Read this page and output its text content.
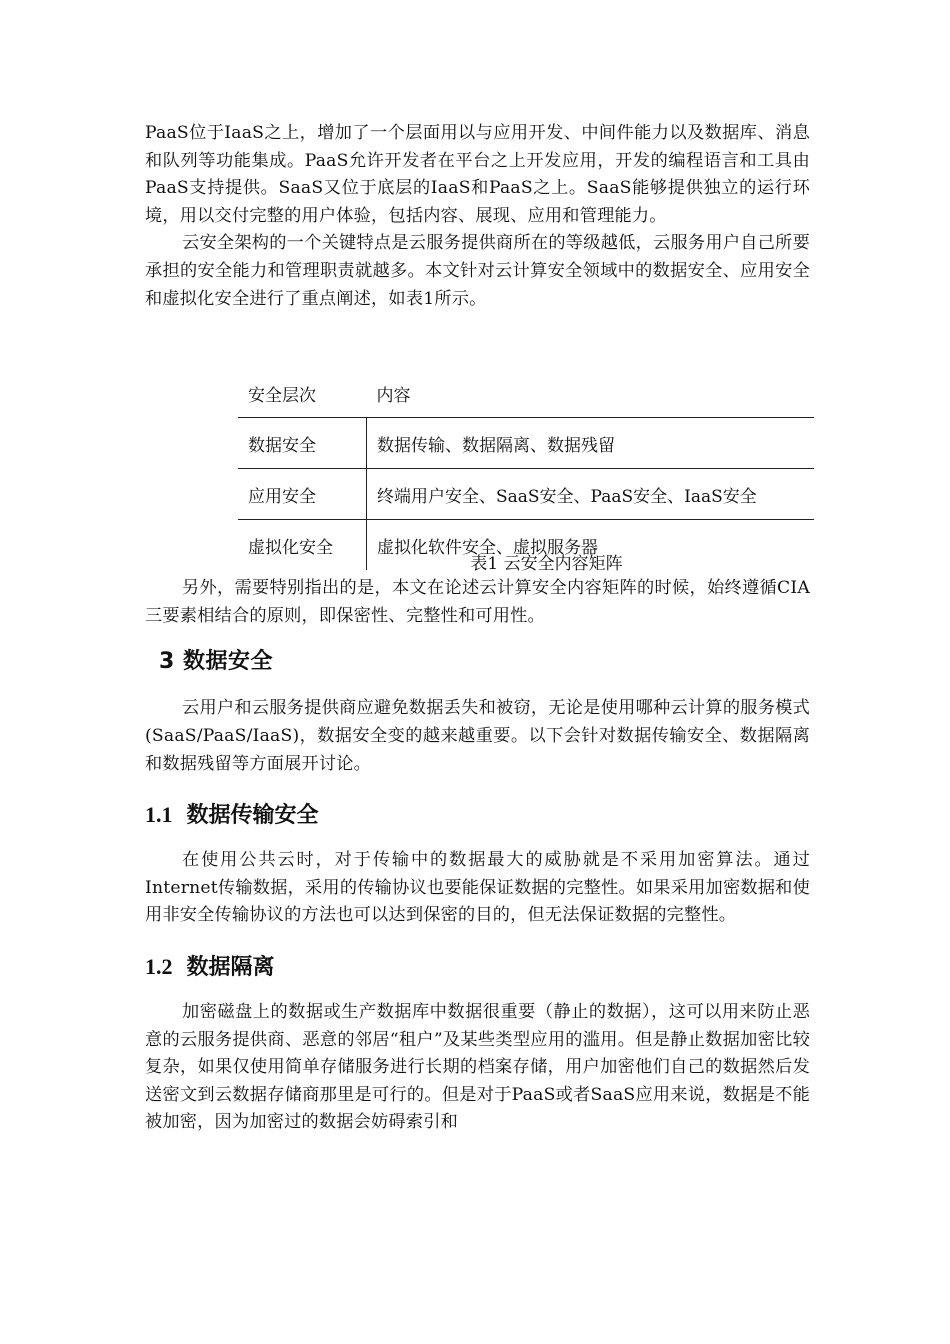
PaaS位于IaaS之上，增加了一个层面用以与应用开发、中间件能力以及数据库、消息和队列等功能集成。PaaS允许开发者在平台之上开发应用，开发的编程语言和工具由PaaS支持提供。SaaS又位于底层的IaaS和PaaS之上。SaaS能够提供独立的运行环境，用以交付完整的用户体验，包括内容、展现、应用和管理能力。

云安全架构的一个关键特点是云服务提供商所在的等级越低，云服务用户自己所要承担的安全能力和管理职责就越多。本文针对云计算安全领域中的数据安全、应用安全和虚拟化安全进行了重点阐述，如表1所示。

安全层次	内容
数据安全	数据传输、数据隔离、数据残留
应用安全	终端用户安全、SaaS安全、PaaS安全、IaaS安全
虚拟化安全	虚拟化软件安全、虚拟服务器
表1 云安全内容矩阵

另外，需要特别指出的是，本文在论述云计算安全内容矩阵的时候，始终遵循CIA三要素相结合的原则，即保密性、完整性和可用性。

3 数据安全

云用户和云服务提供商应避免数据丢失和被窃，无论是使用哪种云计算的服务模式(SaaS/PaaS/IaaS)，数据安全变的越来越重要。以下会针对数据传输安全、数据隔离和数据残留等方面展开讨论。

1.1 数据传输安全

在使用公共云时，对于传输中的数据最大的威胁就是不采用加密算法。通过Internet传输数据，采用的传输协议也要能保证数据的完整性。如果采用加密数据和使用非安全传输协议的方法也可以达到保密的目的，但无法保证数据的完整性。

1.2 数据隔离

加密磁盘上的数据或生产数据库中数据很重要（静止的数据），这可以用来防止恶意的云服务提供商、恶意的邻居“租户”及某些类型应用的滥用。但是静止数据加密比较复杂，如果仅使用简单存储服务进行长期的档案存储，用户加密他们自己的数据然后发送密文到云数据存储商那里是可行的。但是对于PaaS或者SaaS应用来说，数据是不能被加密，因为加密过的数据会妨碍索引和
